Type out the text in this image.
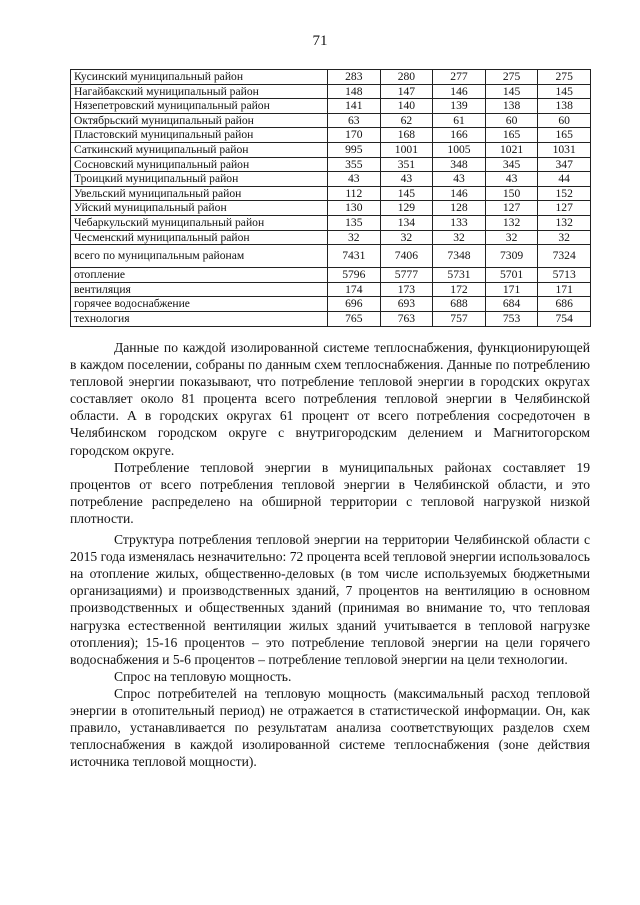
71
Кусинский муниципальный район	283	280	277	275	275
Нагайбакский муниципальный район	148	147	146	145	145
Нязепетровский муниципальный район	141	140	139	138	138
Октябрьский муниципальный район	63	62	61	60	60
Пластовский муниципальный район	170	168	166	165	165
Саткинский муниципальный район	995	1001	1005	1021	1031
Сосновский муниципальный район	355	351	348	345	347
Троицкий муниципальный район	43	43	43	43	44
Увельский муниципальный район	112	145	146	150	152
Уйский муниципальный район	130	129	128	127	127
Чебаркульский муниципальный район	135	134	133	132	132
Чесменский муниципальный район	32	32	32	32	32
всего по муниципальным районам	7431	7406	7348	7309	7324
отопление	5796	5777	5731	5701	5713
вентиляция	174	173	172	171	171
горячее водоснабжение	696	693	688	684	686
технология	765	763	757	753	754

Данные по каждой изолированной системе теплоснабжения, функционирующей в каждом поселении, собраны по данным схем теплоснабжения. Данные по потреблению тепловой энергии показывают, что потребление тепловой энергии в городских округах составляет около 81 процента всего потребления тепловой энергии в Челябинской области. А в городских округах 61 процент от всего потребления сосредоточен в Челябинском городском округе с внутригородским делением и Магнитогорском городском округе.

Потребление тепловой энергии в муниципальных районах составляет 19 процентов от всего потребления тепловой энергии в Челябинской области, и это потребление распределено на обширной территории с тепловой нагрузкой низкой плотности.

Структура потребления тепловой энергии на территории Челябинской области с 2015 года изменялась незначительно: 72 процента всей тепловой энергии использовалось на отопление жилых, общественно-деловых (в том числе используемых бюджетными организациями) и производственных зданий, 7 процентов на вентиляцию в основном производственных и общественных зданий (принимая во внимание то, что тепловая нагрузка естественной вентиляции жилых зданий учитывается в тепловой нагрузке отопления); 15-16 процентов – это потребление тепловой энергии на цели горячего водоснабжения и 5-6 процентов – потребление тепловой энергии на цели технологии.

Спрос на тепловую мощность.

Спрос потребителей на тепловую мощность (максимальный расход тепловой энергии в отопительный период) не отражается в статистической информации. Он, как правило, устанавливается по результатам анализа соответствующих разделов схем теплоснабжения в каждой изолированной системе теплоснабжения (зоне действия источника тепловой мощности).
